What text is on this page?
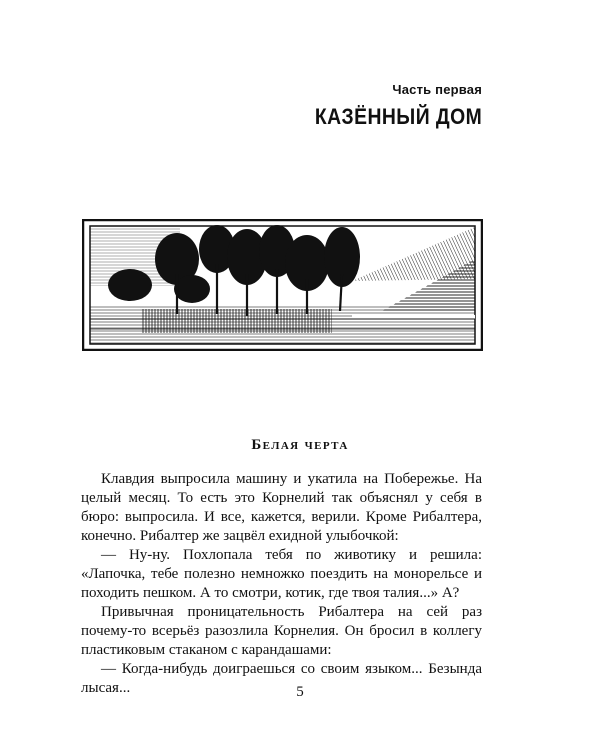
Часть первая
КАЗЁННЫЙ ДОМ
Белая черта

Клавдия выпросила машину и укатила на Побережье. На целый месяц. То есть это Корнелий так объяснял у себя в бюро: выпросила. И все, кажется, верили. Кроме Рибалтера, конечно. Рибалтер же зацвёл ехидной улыбочкой:

— Ну-ну. Похлопала тебя по животику и решила: «Лапочка, тебе полезно немножко поездить на монорельсе и походить пешком. А то смотри, котик, где твоя талия...» А?

Привычная проницательность Рибалтера на сей раз почему-то всерьёз разозлила Корнелия. Он бросил в коллегу пластиковым стаканом с карандашами:

— Когда-нибудь доиграешься со своим языком... Безында лысая...	5
